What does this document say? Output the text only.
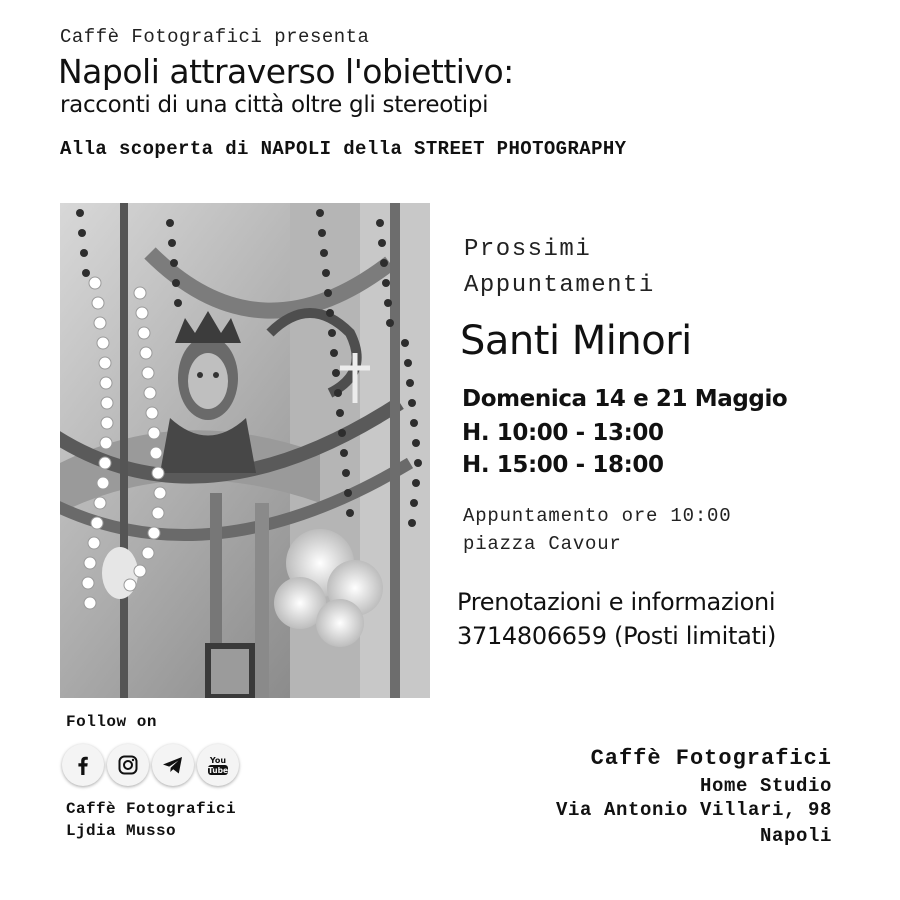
Caffè Fotografici presenta
Napoli attraverso l'obiettivo:
racconti di una città oltre gli stereotipi
Alla scoperta di NAPOLI della STREET PHOTOGRAPHY
Prossimi Appuntamenti
Santi Minori
Domenica 14 e 21 Maggio
H. 10:00 - 13:00
H. 15:00 - 18:00
Appuntamento ore 10:00
piazza Cavour
Prenotazioni e informazioni
3714806659 (Posti limitati)
Follow on
You
Tube
Caffè Fotografici
Ljdia Musso
Caffè Fotografici
Home Studio
Via Antonio Villari, 98
Napoli
